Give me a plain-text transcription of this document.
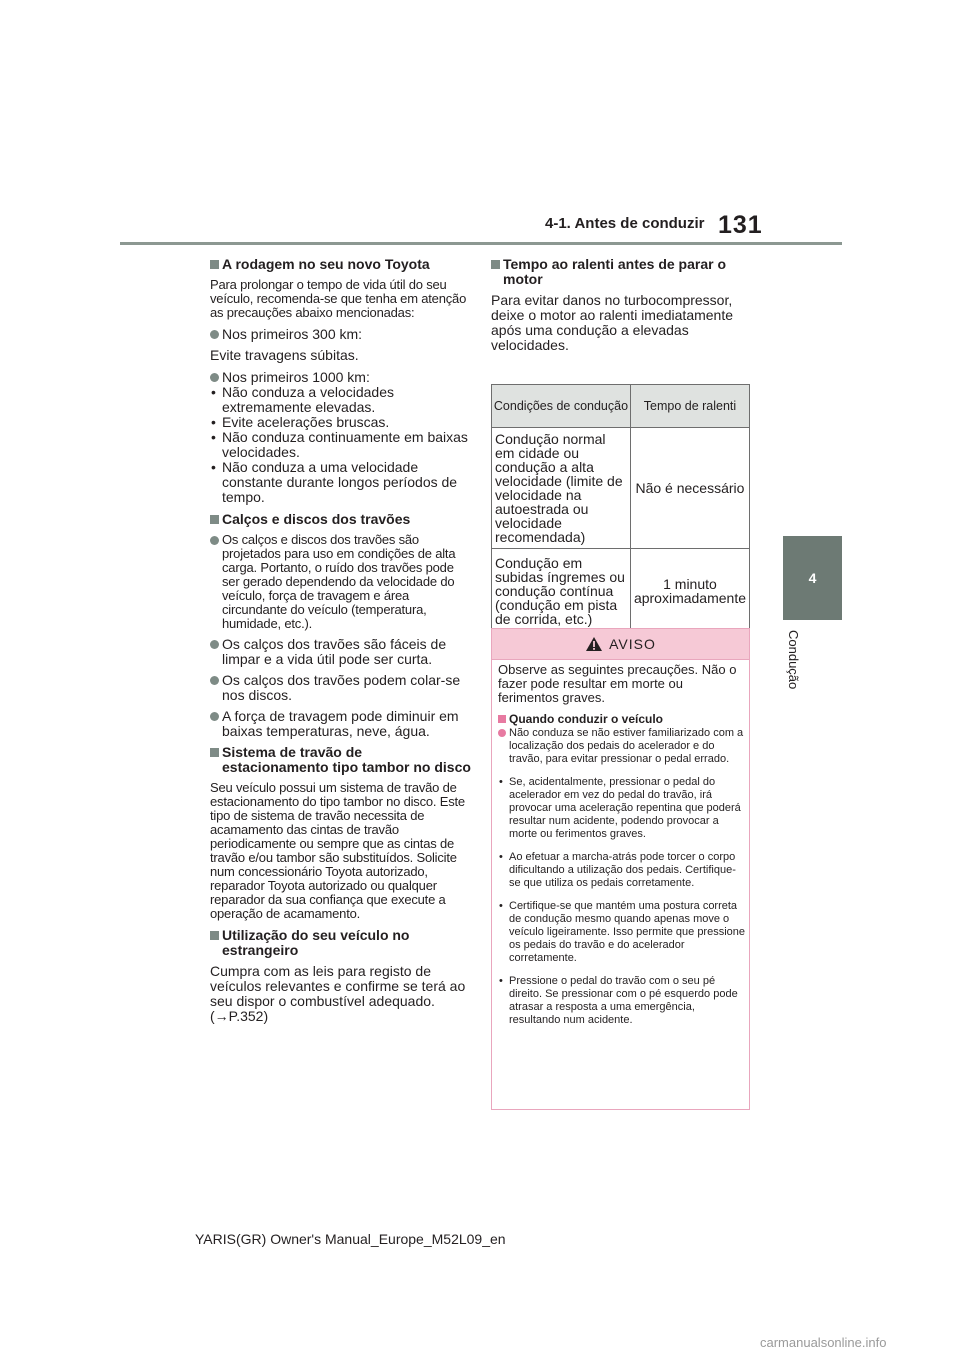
4-1. Antes de conduzir 131
4
Condução
A rodagem no seu novo Toyota

Para prolongar o tempo de vida útil do seu veículo, recomenda-se que tenha em atenção as precauções abaixo mencionadas:

Nos primeiros 300 km:

Evite travagens súbitas.

Nos primeiros 1000 km:

• Não conduza a velocidades extremamente elevadas.

• Evite acelerações bruscas.

• Não conduza continuamente em baixas velocidades.

• Não conduza a uma velocidade constante durante longos períodos de tempo.

Calços e discos dos travões
Os calços e discos dos travões são projetados para uso em condições de alta carga. Portanto, o ruído dos travões pode ser gerado dependendo da velocidade do veículo, força de travagem e área circundante do veículo (temperatura, humidade, etc.).
Os calços dos travões são fáceis de limpar e a vida útil pode ser curta.
Os calços dos travões podem colar-se nos discos.
A força de travagem pode diminuir em baixas temperaturas, neve, água.
Sistema de travão de estacionamento tipo tambor no disco

Seu veículo possui um sistema de travão de estacionamento do tipo tambor no disco. Este tipo de sistema de travão necessita de acamamento das cintas de travão periodicamente ou sempre que as cintas de travão e/ou tambor são substituídos. Solicite num concessionário Toyota autorizado, reparador Toyota autorizado ou qualquer reparador da sua confiança que execute a operação de acamamento.

Utilização do seu veículo no estrangeiro

Cumpra com as leis para registo de veículos relevantes e confirme se terá ao seu dispor o combustível adequado.(→P.352)

Tempo ao ralenti antes de parar o motor

Para evitar danos no turbocompressor, deixe o motor ao ralenti imediatamente após uma condução a elevadas velocidades.

Condições de condução	Tempo de ralenti
Condução normal em cidade ou condução a alta velocidade (limite de velocidade na autoestrada ou velocidade recomendada)	Não é necessário
Condução em subidas íngremes ou condução contínua (condução em pista de corrida, etc.)	1 minuto aproximadamente
AVISO

Observe as seguintes precauções. Não o fazer pode resultar em morte ou ferimentos graves.

Quando conduzir o veículo
Não conduza se não estiver familiarizado com a localização dos pedais do acelerador e do travão, para evitar pressionar o pedal errado.

• Se, acidentalmente, pressionar o pedal do acelerador em vez do pedal do travão, irá provocar uma aceleração repentina que poderá resultar num acidente, podendo provocar a morte ou ferimentos graves.

• Ao efetuar a marcha-atrás pode torcer o corpo dificultando a utilização dos pedais. Certifique-se que utiliza os pedais corretamente.

• Certifique-se que mantém uma postura correta de condução mesmo quando apenas move o veículo ligeiramente. Isso permite que pressione os pedais do travão e do acelerador corretamente.

• Pressione o pedal do travão com o seu pé direito. Se pressionar com o pé esquerdo pode atrasar a resposta a uma emergência, resultando num acidente.

YARIS(GR) Owner's Manual_Europe_M52L09_en
carmanualsonline.info
